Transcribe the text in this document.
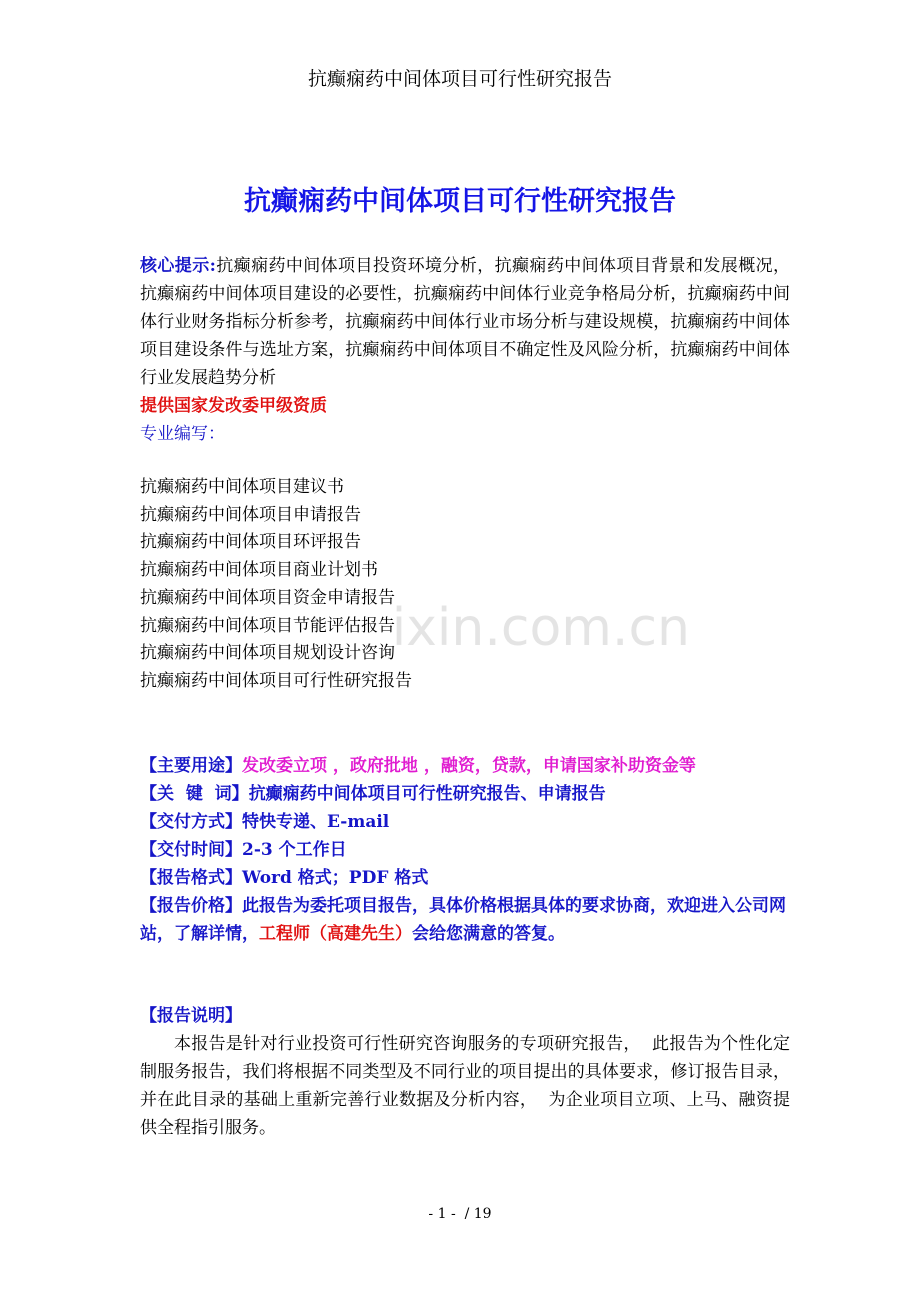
抗癫痫药中间体项目可行性研究报告
抗癫痫药中间体项目可行性研究报告
核心提示:抗癫痫药中间体项目投资环境分析，抗癫痫药中间体项目背景和发展概况，抗癫痫药中间体项目建设的必要性，抗癫痫药中间体行业竞争格局分析，抗癫痫药中间体行业财务指标分析参考，抗癫痫药中间体行业市场分析与建设规模，抗癫痫药中间体项目建设条件与选址方案，抗癫痫药中间体项目不确定性及风险分析，抗癫痫药中间体行业发展趋势分析
提供国家发改委甲级资质
专业编写：
抗癫痫药中间体项目建议书
抗癫痫药中间体项目申请报告
抗癫痫药中间体项目环评报告
抗癫痫药中间体项目商业计划书
抗癫痫药中间体项目资金申请报告
抗癫痫药中间体项目节能评估报告
抗癫痫药中间体项目规划设计咨询
抗癫痫药中间体项目可行性研究报告
ixin.com.cn
【主要用途】发改委立项 ，政府批地 ，融资，贷款，申请国家补助资金等
【关  键  词】抗癫痫药中间体项目可行性研究报告、申请报告
【交付方式】特快专递、E-mail
【交付时间】2-3 个工作日
【报告格式】Word 格式；PDF 格式
【报告价格】此报告为委托项目报告，具体价格根据具体的要求协商，欢迎进入公司网站，了解详情，工程师（高建先生）会给您满意的答复。
【报告说明】
本报告是针对行业投资可行性研究咨询服务的专项研究报告，  此报告为个性化定制服务报告，我们将根据不同类型及不同行业的项目提出的具体要求，修订报告目录，  并在此目录的基础上重新完善行业数据及分析内容，  为企业项目立项、上马、融资提供全程指引服务。
- 1 -  / 19
